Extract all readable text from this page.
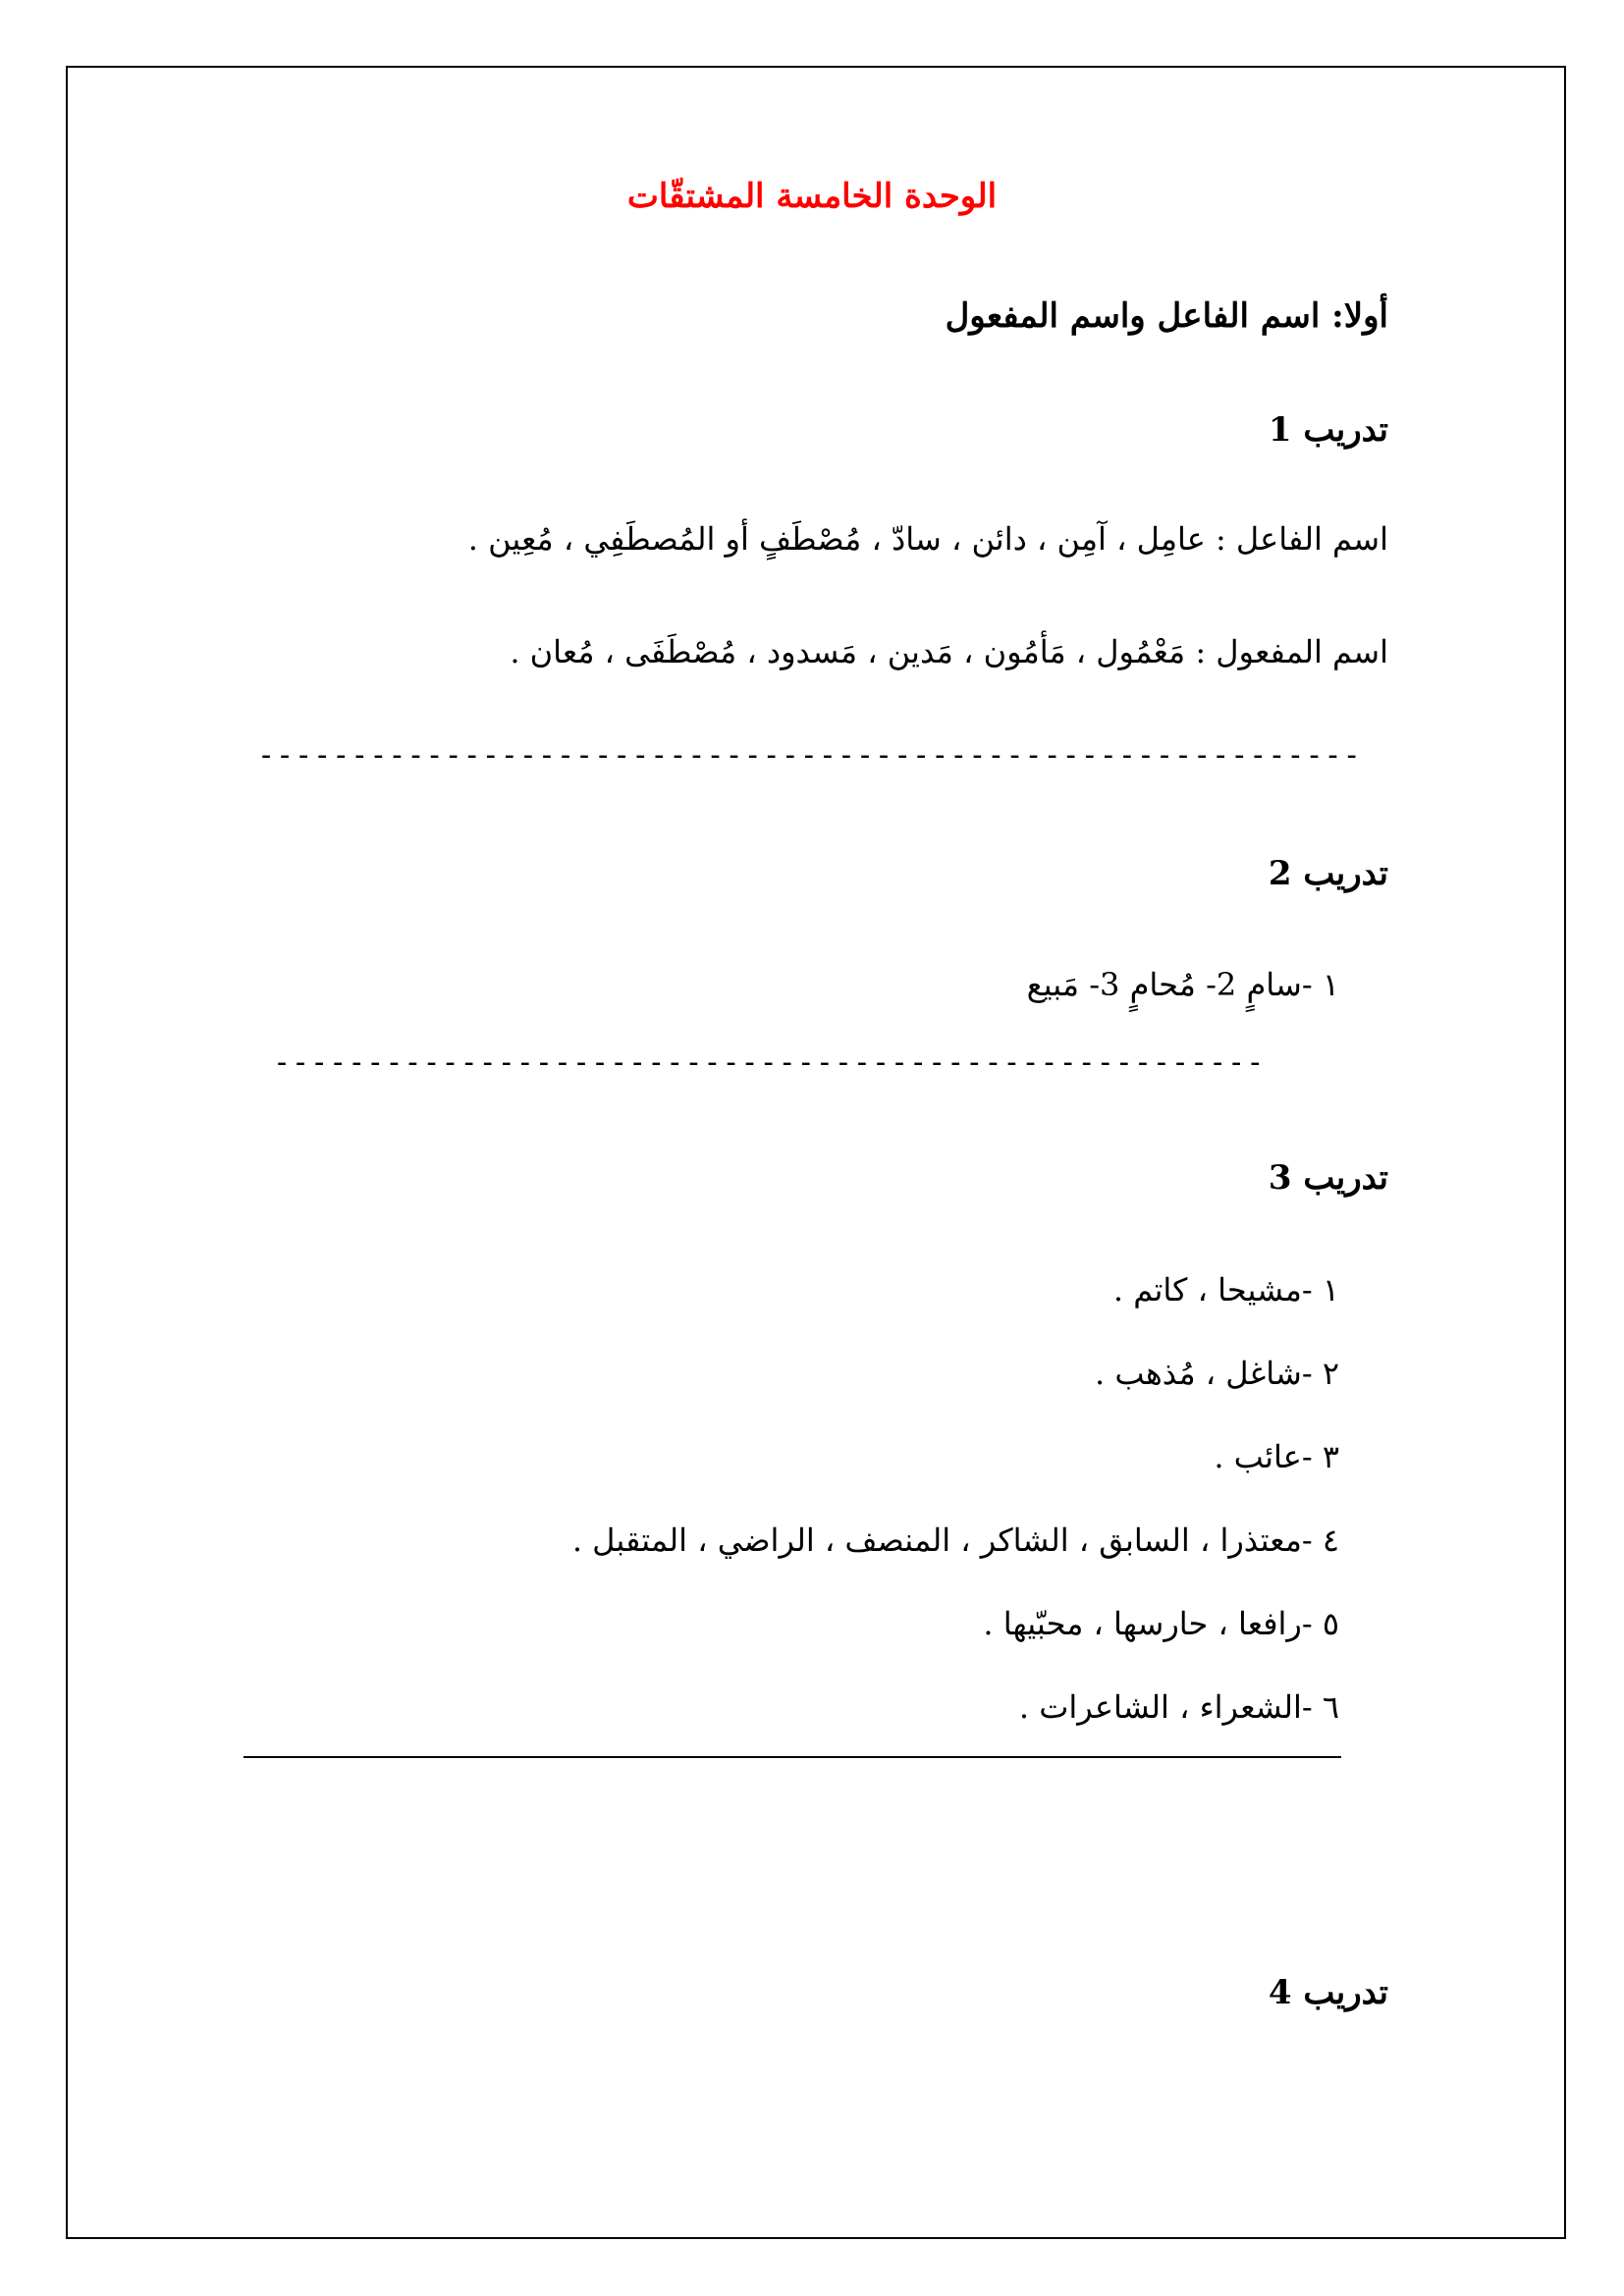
الوحدة الخامسة المشتقّات
أولا: اسم الفاعل واسم المفعول
تدريب 1
اسم الفاعل : عامِل ، آمِن ، دائن ، سادّ ، مُصْطَفٍ أو المُصطَفِي ، مُعِين .
اسم المفعول : مَعْمُول ، مَأمُون ، مَدين ، مَسدود ، مُصْطَفَى ، مُعان .
-----------------------------------------------------------
تدريب 2
١ -سامٍ 2- مُحامٍ 3- مَبيع
-----------------------------------------------------
تدريب 3
١ -مشيحا ، كاتم .
٢ -شاغل ، مُذهب .
٣ -عائب .
٤ -معتذرا ، السابق ، الشاكر ، المنصف ، الراضي ، المتقبل .
٥ -رافعا ، حارسها ، محبّيها .
٦ -الشعراء ، الشاعرات .
تدريب 4
